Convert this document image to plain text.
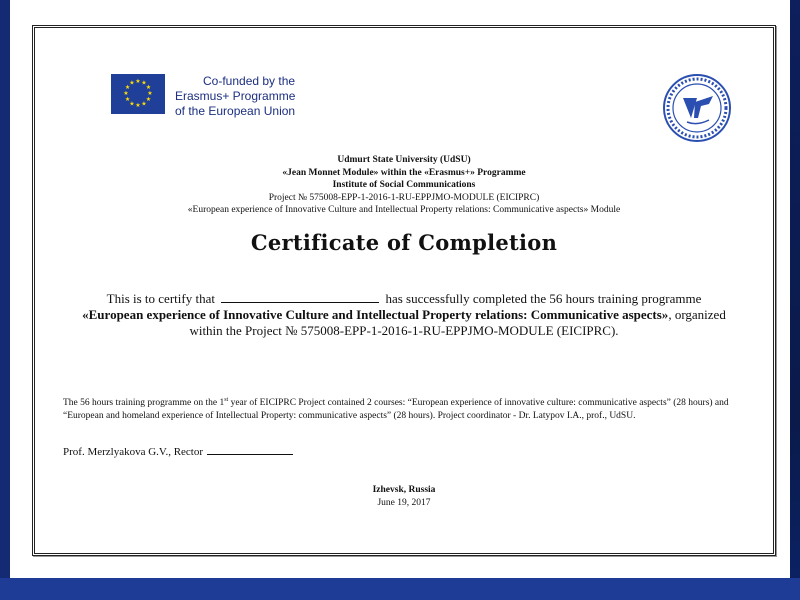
★ ★
★
★
★
★
★
★
★
★
★
★	Co-funded by the
Erasmus+ Programme
of the European Union
Udmurt State University (UdSU)
«Jean Monnet Module» within the «Erasmus+» Programme
Institute of Social Communications
Project № 575008-EPP-1-2016-1-RU-EPPJMO-MODULE (EICIPRC)
«European experience of Innovative Culture and Intellectual Property relations: Communicative aspects» Module
Certificate of Completion
This is to certify that	has successfully completed the 56 hours training programme
«European experience of Innovative Culture and Intellectual Property relations: Communicative aspects», organized
within the Project № 575008-EPP-1-2016-1-RU-EPPJMO-MODULE (EICIPRC).
The 56 hours training programme on the 1st year of EICIPRC Project contained 2 courses: “European experience of innovative culture: communicative aspects” (28 hours) and “European and homeland experience of Intellectual Property: communicative aspects” (28 hours). Project coordinator - Dr. Latypov I.A., prof., UdSU.
Prof. Merzlyakova G.V., Rector
Izhevsk, Russia
June 19, 2017
